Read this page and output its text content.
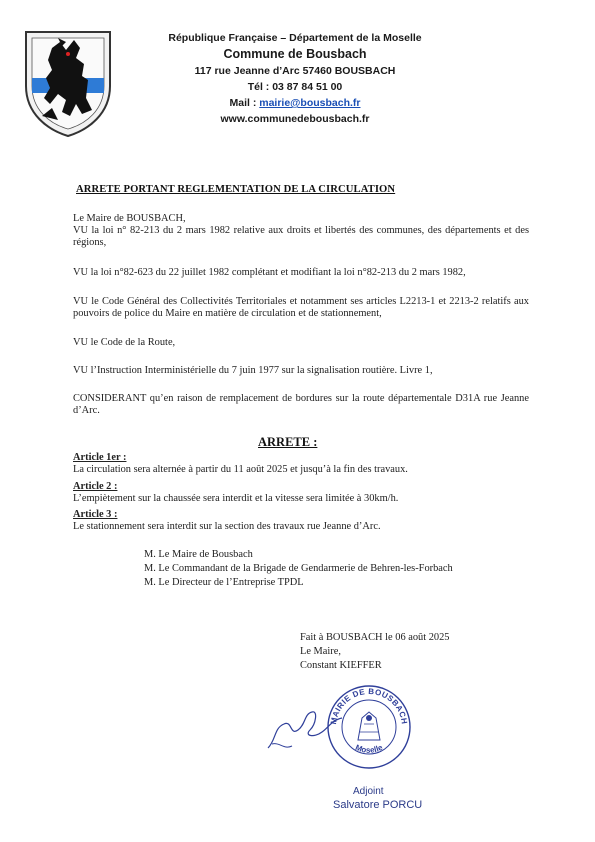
République Française – Département de la Moselle
Commune de Bousbach
117 rue Jeanne d’Arc 57460 BOUSBACH
Tél : 03 87 84 51 00
Mail : mairie@bousbach.fr
www.communedebousbach.fr
ARRETE PORTANT REGLEMENTATION DE LA CIRCULATION
Le Maire de BOUSBACH,
VU la loi n° 82-213 du 2 mars 1982 relative aux droits et libertés des communes, des départements et des régions,
VU la loi n°82-623 du 22 juillet 1982 complétant et modifiant la loi n°82-213 du 2 mars 1982,
VU le Code Général des Collectivités Territoriales et notamment ses articles L2213-1 et 2213-2 relatifs aux pouvoirs de police du Maire en matière de circulation et de stationnement,
VU le Code de la Route,
VU l’Instruction Interministérielle du 7 juin 1977 sur la signalisation routière. Livre 1,
CONSIDERANT qu’en raison de remplacement de bordures sur la route départementale D31A rue Jeanne d’Arc.
ARRETE :
Article 1er :
La circulation sera alternée à partir du 11 août 2025 et jusqu’à la fin des travaux.
Article 2 :
L’empiètement sur la chaussée sera interdit et la vitesse sera limitée à 30km/h.
Article 3 :
Le stationnement sera interdit sur la section des travaux rue Jeanne d’Arc.
M. Le Maire de Bousbach
M. Le Commandant de la Brigade de Gendarmerie de Behren-les-Forbach
M. Le Directeur de l’Entreprise TPDL
Fait à BOUSBACH le 06 août 2025
Le Maire,
Constant KIEFFER
MAIRIE DE BOUSBACH
Moselle
Adjoint
Salvatore PORCU
